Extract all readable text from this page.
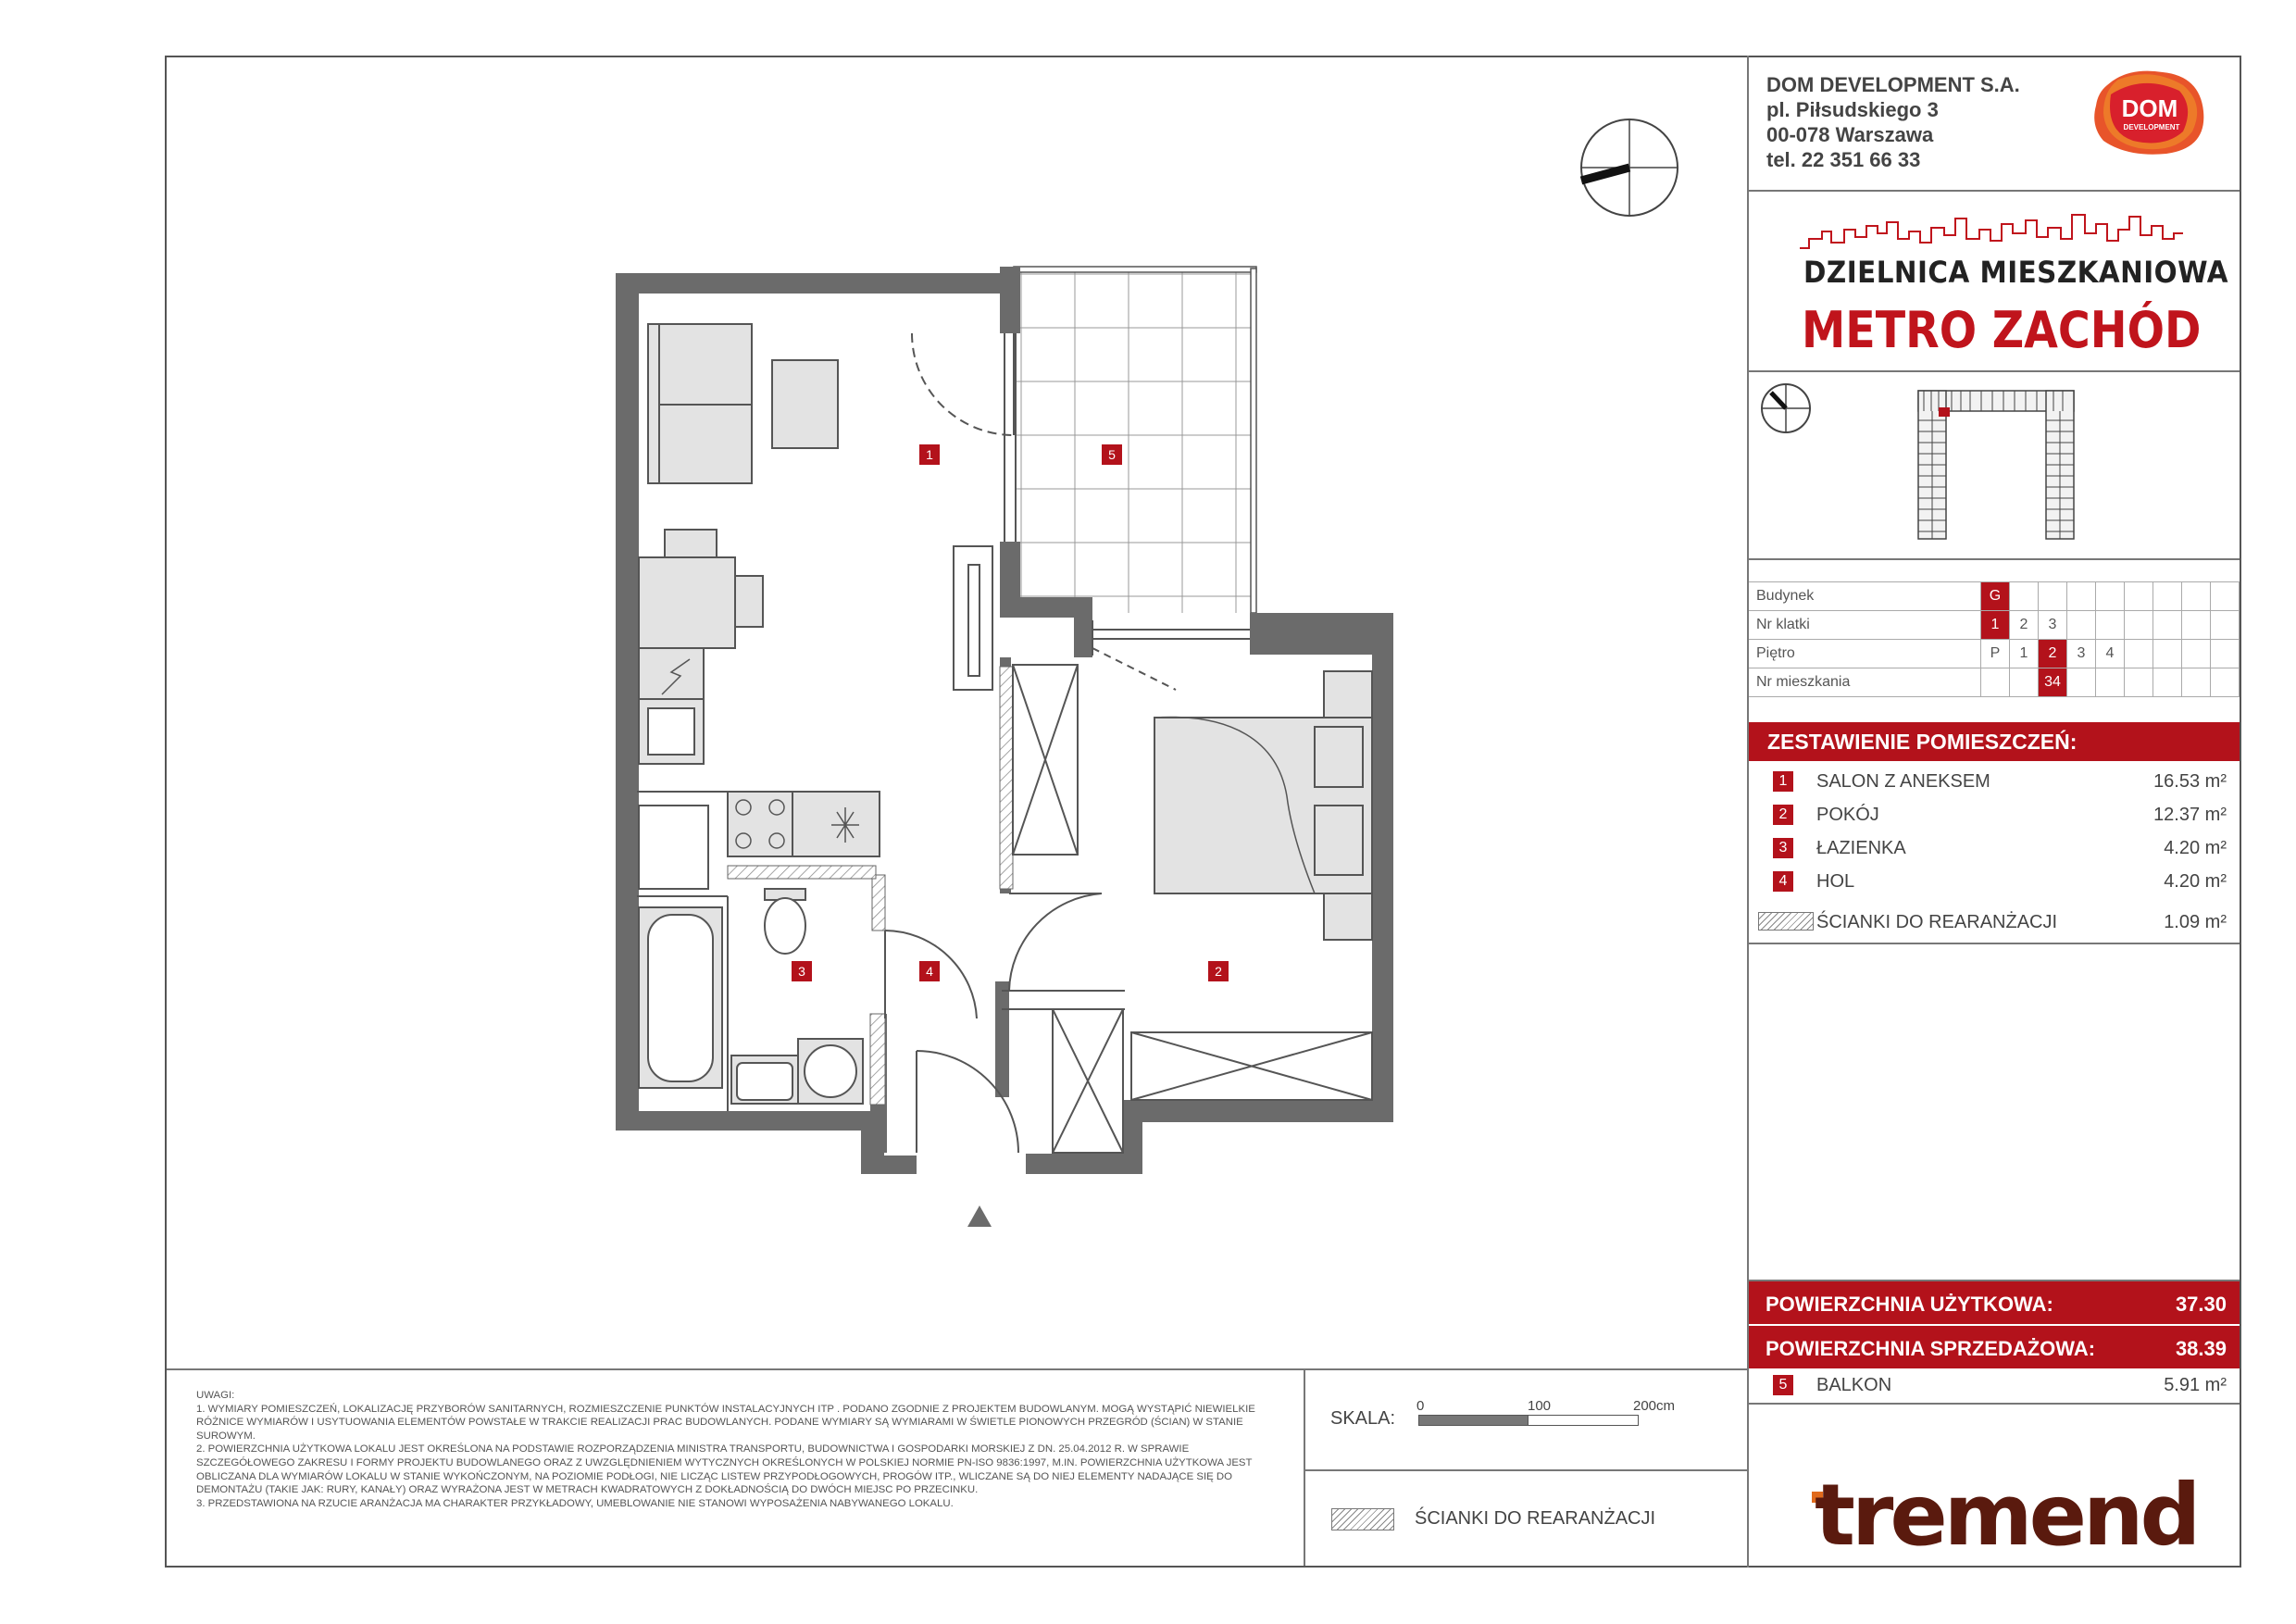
DOM DEVELOPMENT S.A.
pl. Piłsudskiego 3
00-078 Warszawa
tel. 22 351 66 33
DOM
DEVELOPMENT
DZIELNICA MIESZKANIOWA
METRO ZACHÓD
Budynek	G								
Nr klatki	1	2	3						
Piętro	P	1	2	3	4				
Nr mieszkania			34						
ZESTAWIENIE POMIESZCZEŃ:
1	SALON Z ANEKSEM	16.53 m²
2	POKÓJ	12.37 m²
3	ŁAZIENKA	4.20 m²
4	HOL	4.20 m²
ŚCIANKI DO REARANŻACJI	1.09 m²
POWIERZCHNIA UŻYTKOWA:	37.30
POWIERZCHNIA SPRZEDAŻOWA:	38.39
5	BALKON	5.91 m²

UWAGI:

1. WYMIARY POMIESZCZEŃ, LOKALIZACJĘ PRZYBORÓW SANITARNYCH, ROZMIESZCZENIE PUNKTÓW INSTALACYJNYCH ITP . PODANO ZGODNIE Z PROJEKTEM BUDOWLANYM. MOGĄ WYSTĄPIĆ NIEWIELKIE RÓŻNICE WYMIARÓW I USYTUOWANIA ELEMENTÓW POWSTAŁE W TRAKCIE REALIZACJI PRAC BUDOWLANYCH. PODANE WYMIARY SĄ WYMIARAMI W ŚWIETLE PIONOWYCH PRZEGRÓD (ŚCIAN) W STANIE SUROWYM.

2. POWIERZCHNIA UŻYTKOWA LOKALU JEST OKREŚLONA NA PODSTAWIE ROZPORZĄDZENIA MINISTRA TRANSPORTU, BUDOWNICTWA I GOSPODARKI MORSKIEJ Z DN. 25.04.2012 R. W SPRAWIE SZCZEGÓŁOWEGO ZAKRESU I FORMY PROJEKTU BUDOWLANEGO ORAZ Z UWZGLĘDNIENIEM WYTYCZNYCH OKREŚLONYCH W POLSKIEJ NORMIE PN-ISO 9836:1997, M.IN. POWIERZCHNIA UŻYTKOWA JEST OBLICZANA DLA WYMIARÓW LOKALU W STANIE WYKOŃCZONYM, NA POZIOMIE PODŁOGI, NIE LICZĄC LISTEW PRZYPODŁOGOWYCH, PROGÓW ITP., WLICZANE SĄ DO NIEJ ELEMENTY NADAJĄCE SIĘ DO DEMONTAŻU (TAKIE JAK: RURY, KANAŁY) ORAZ WYRAŻONA JEST W METRACH KWADRATOWYCH Z DOKŁADNOŚCIĄ DO DWÓCH MIEJSC PO PRZECINKU.

3. PRZEDSTAWIONA NA RZUCIE ARANŻACJA MA CHARAKTER PRZYKŁADOWY, UMEBLOWANIE NIE STANOWI WYPOSAŻENIA NABYWANEGO LOKALU.

SKALA:
0	100	200cm
ŚCIANKI DO REARANŻACJI tremend
1	5
3	4	2
